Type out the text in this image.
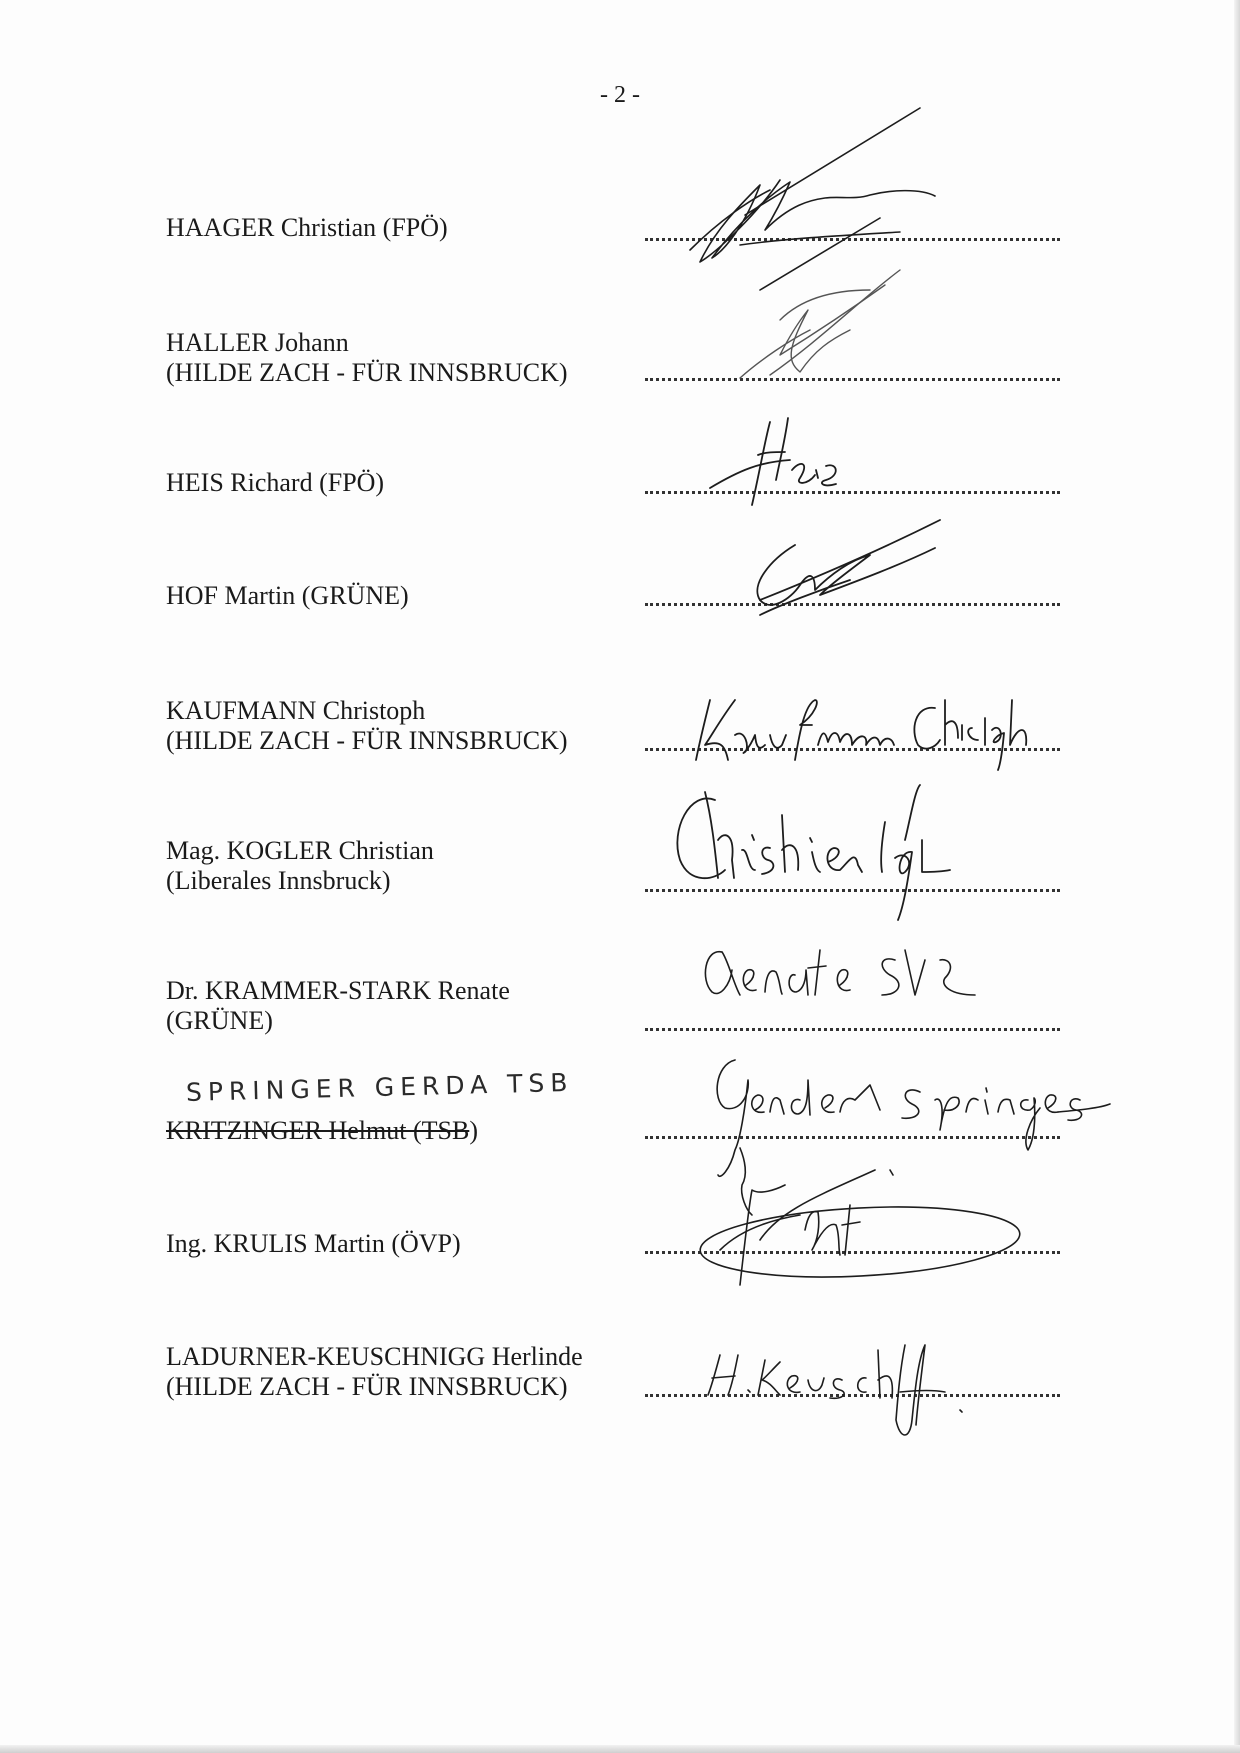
- 2 -
HAAGER Christian (FPÖ)
HALLER Johann
(HILDE ZACH - FÜR INNSBRUCK)
HEIS Richard (FPÖ)
HOF Martin (GRÜNE)
KAUFMANN Christoph
(HILDE ZACH - FÜR INNSBRUCK)
Mag. KOGLER Christian
(Liberales Innsbruck)
Dr. KRAMMER-STARK Renate
(GRÜNE)
SPRINGER GERDA TSB
KRITZINGER Helmut (TSB)
Ing. KRULIS Martin (ÖVP)
LADURNER-KEUSCHNIGG Herlinde
(HILDE ZACH - FÜR INNSBRUCK)
